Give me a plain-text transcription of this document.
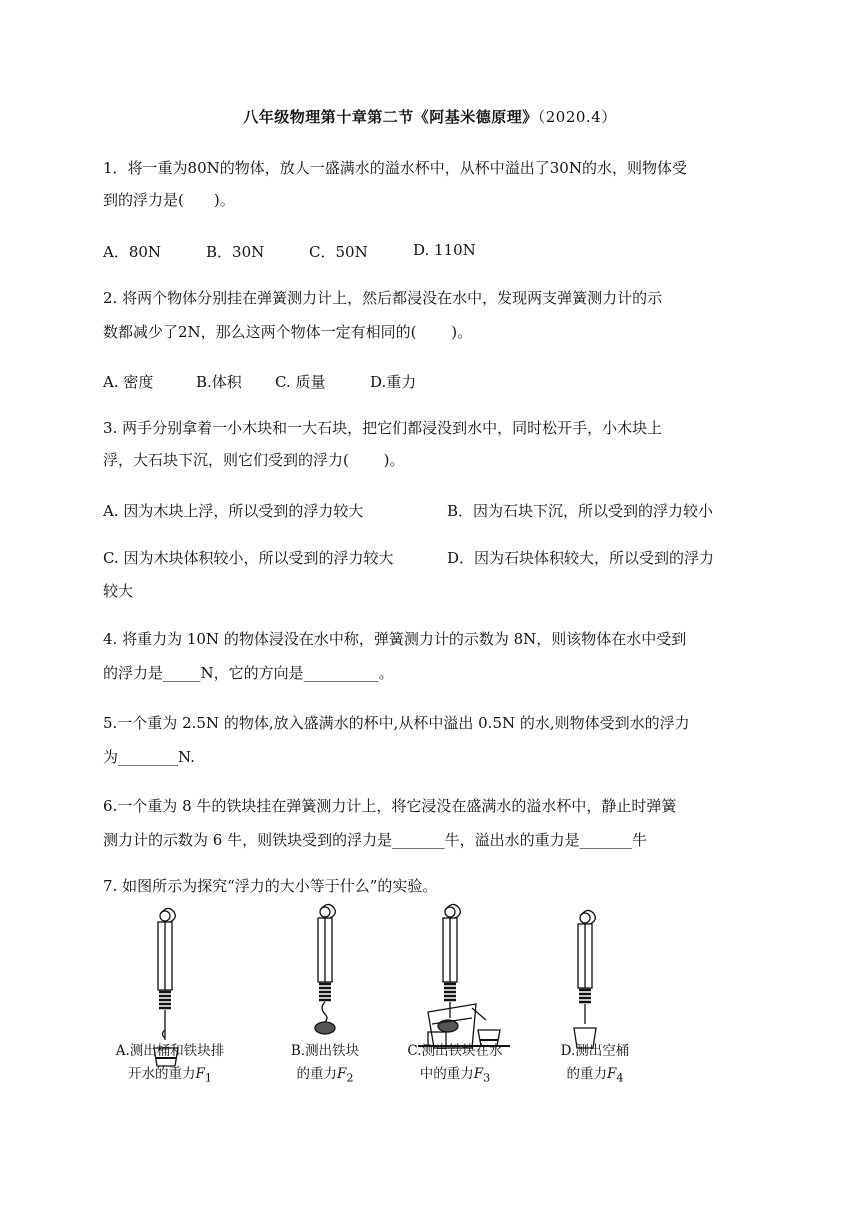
八年级物理第十章第二节《阿基米德原理》（2020.4）
1．将一重为80N的物体，放人一盛满水的溢水杯中，从杯中溢出了30N的水，则物体受
到的浮力是(　　)。
A．80N	B．30N	C．50N	D. 110N
2. 将两个物体分别挂在弹簧测力计上，然后都浸没在水中，发现两支弹簧测力计的示
数都减少了2N，那么这两个物体一定有相同的(　　 )。
A. 密度	B.体积 C. 质量	D.重力
3. 两手分别拿着一小木块和一大石块，把它们都浸没到水中，同时松开手，小木块上
浮，大石块下沉，则它们受到的浮力(　　 )。
A. 因为木块上浮，所以受到的浮力较大	B．因为石块下沉，所以受到的浮力较小
C. 因为木块体积较小，所以受到的浮力较大	D．因为石块体积较大，所以受到的浮力
较大
4. 将重力为 10N 的物体浸没在水中称，弹簧测力计的示数为 8N，则该物体在水中受到
的浮力是_____N，它的方向是__________。
5.一个重为 2.5N 的物体,放入盛满水的杯中,从杯中溢出 0.5N 的水,则物体受到水的浮力
为________N.
6.一个重为 8 牛的铁块挂在弹簧测力计上，将它浸没在盛满水的溢水杯中，静止时弹簧
测力计的示数为 6 牛，则铁块受到的浮力是_______牛，溢出水的重力是_______牛
7. 如图所示为探究“浮力的大小等于什么”的实验。
A.测出桶和铁块排
开水的重力$F_1$
B.测出铁块
的重力$F_2$
C.测出铁块在水
中的重力$F_3$
D.测出空桶
的重力$F_4$
